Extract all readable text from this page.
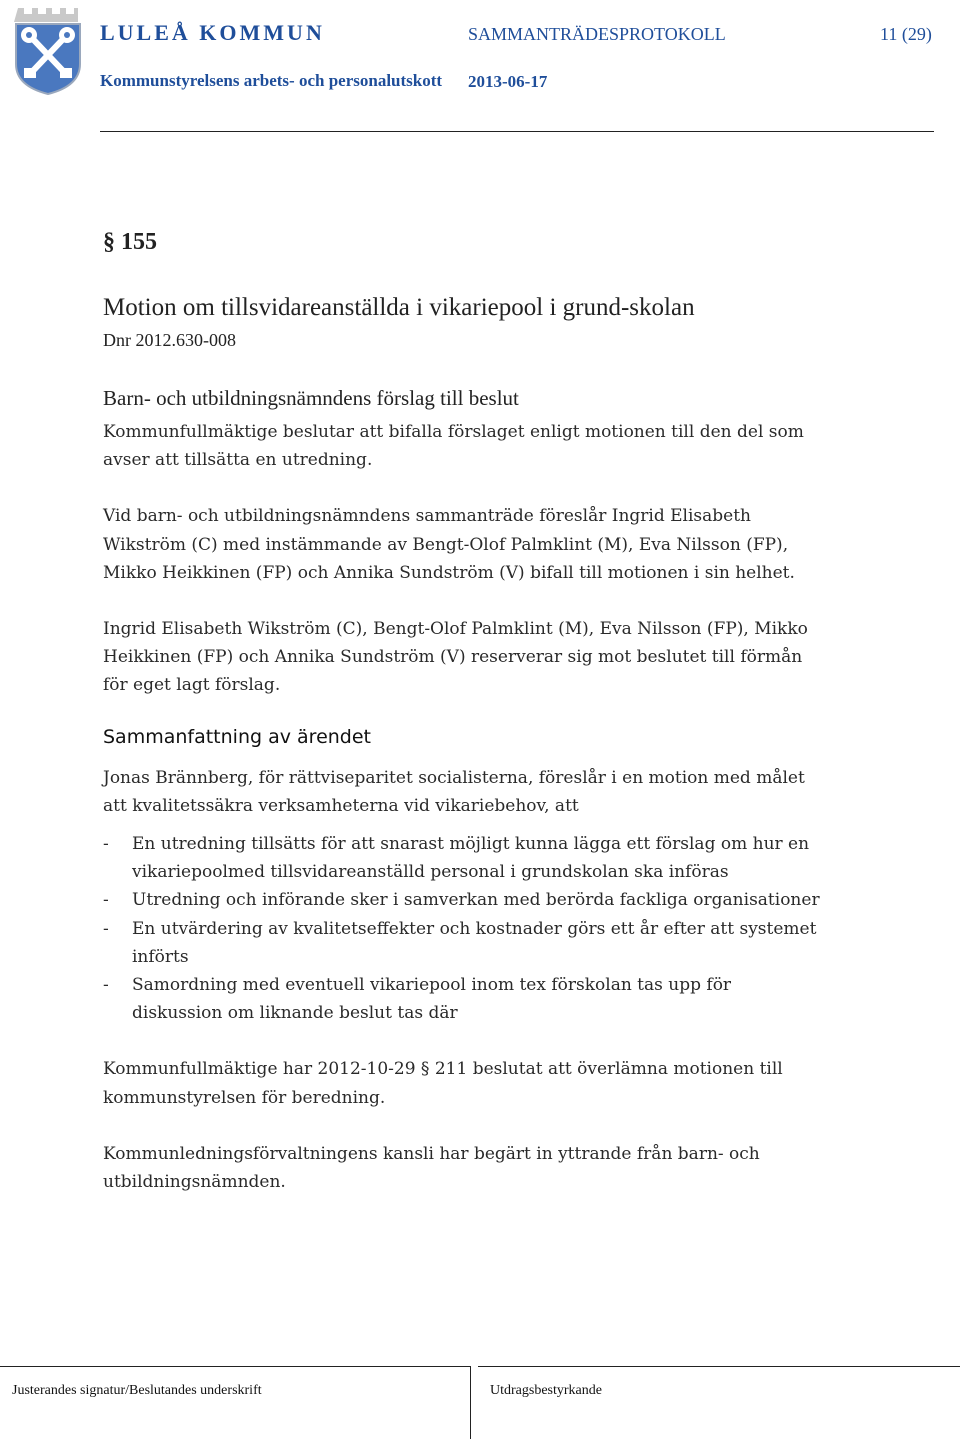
LULEÅ KOMMUN
Kommunstyrelsens arbets- och personalutskott
SAMMANTRÄDESPROTOKOLL
2013-06-17
11 (29)
§ 155
Motion om tillsvidareanställda i vikariepool i grund-skolan

Dnr 2012.630-008

Barn- och utbildningsnämndens förslag till beslut

Kommunfullmäktige beslutar att bifalla förslaget enligt motionen till den del som avser att tillsätta en utredning.

Vid barn- och utbildningsnämndens sammanträde föreslår Ingrid Elisabeth Wikström (C) med instämmande av Bengt-Olof Palmklint (M), Eva Nilsson (FP), Mikko Heikkinen (FP) och Annika Sundström (V) bifall till motionen i sin helhet.

Ingrid Elisabeth Wikström (C), Bengt-Olof Palmklint (M), Eva Nilsson (FP), Mikko Heikkinen (FP) och Annika Sundström (V) reserverar sig mot beslutet till förmån för eget lagt förslag.

Sammanfattning av ärendet

Jonas Brännberg, för rättviseparitet socialisterna, föreslår i en motion med målet att kvalitetssäkra verksamheterna vid vikariebehov, att

- En utredning tillsätts för att snarast möjligt kunna lägga ett förslag om hur en vikariepoolmed tillsvidareanställd personal i grundskolan ska införas
- Utredning och införande sker i samverkan med berörda fackliga organisationer
- En utvärdering av kvalitetseffekter och kostnader görs ett år efter att systemet införts
- Samordning med eventuell vikariepool inom tex förskolan tas upp för diskussion om liknande beslut tas där

Kommunfullmäktige har 2012-10-29 § 211 beslutat att överlämna motionen till kommunstyrelsen för beredning.

Kommunledningsförvaltningens kansli har begärt in yttrande från barn- och utbildningsnämnden.

Justerandes signatur/Beslutandes underskrift	Utdragsbestyrkande
